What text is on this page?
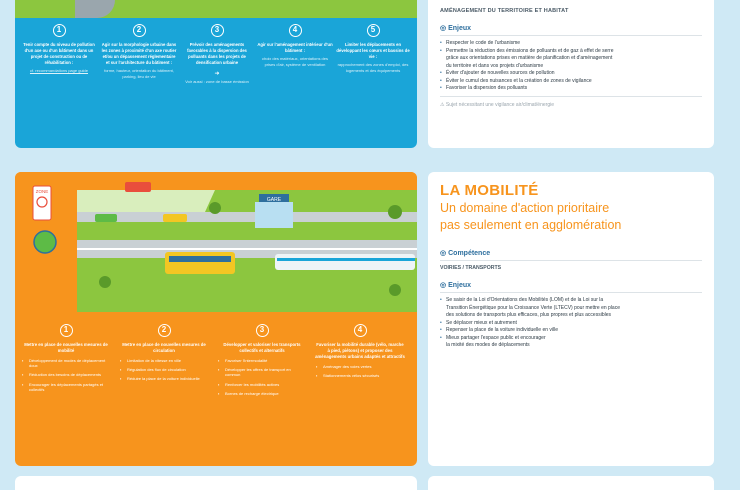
1
Tenir compte du niveau de pollution d'un axe ou d'un bâtiment dans un projet de construction ou de réhabilitation :
cf. recommandations page guide
2
Agir sur la morphologie urbaine dans les zones à proximité d'un axe routier et/ou un dépassement réglementaire et sur l'architecture du bâtiment :
forme, hauteur, orientation du bâtiment, parking, lieu de vie
3
Prévoir des aménagements favorables à la dispersion des polluants dans les projets de densification urbaine
➜
Voir aussi : zone de basse émission
4
Agir sur l'aménagement intérieur d'un bâtiment :
choix des matériaux, orientations des prises d'air, système de ventilation
5
Limiter les déplacements en développant les cœurs et bassins de vie :
rapprochement des zones d'emploi, des logements et des équipements
AMÉNAGEMENT DU TERRITOIRE ET HABITAT
◎ Enjeux
• Respecter le code de l'urbanisme
• Permettre la réduction des émissions de polluants et de gaz à effet de serre
grâce aux orientations prises en matière de planification et d'aménagement
du territoire et dans vos projets d'urbanisme
• Éviter d'ajouter de nouvelles sources de pollution
• Éviter le cumul des nuisances et la création de zones de vigilance
• Favoriser la dispersion des polluants
⚠ Sujet nécessitant une vigilance air/climat/énergie
GARE
ZONE
1
Mettre en place de nouvelles mesures de mobilité
▪ Développement de modes de déplacement doux
▪ Réduction des besoins de déplacements
▪ Encourager les déplacements partagés et collectifs
2
Mettre en place de nouvelles mesures de circulation
▪ Limitation de la vitesse en ville
▪ Régulation des flux de circulation
▪ Réduire la place de la voiture individuelle
3
Développer et valoriser les transports collectifs et alternatifs
▪ Favoriser l'intermodalité
▪ Développer les offres de transport en commun
▪ Renforcer les mobilités actives
▪ Bornes de recharge électrique
4
Favoriser la mobilité durable (vélo, marche à pied, piétons) et proposer des aménagements urbains adaptés et attractifs
▪ Aménager des voies vertes
▪ Stationnements vélos sécurisés
LA MOBILITÉ
Un domaine d'action prioritaire
pas seulement en agglomération
◎ Compétence
VOIRIES / TRANSPORTS
◎ Enjeux
• Se saisir de la Loi d'Orientations des Mobilités (LOM) et de la Loi sur la
Transition Énergétique pour la Croissance Verte (LTECV) pour mettre en place
des solutions de transports plus efficaces, plus propres et plus accessibles
• Se déplacer mieux et autrement
• Repenser la place de la voiture individuelle en ville
• Mieux partager l'espace public et encourager
la mixité des modes de déplacements
